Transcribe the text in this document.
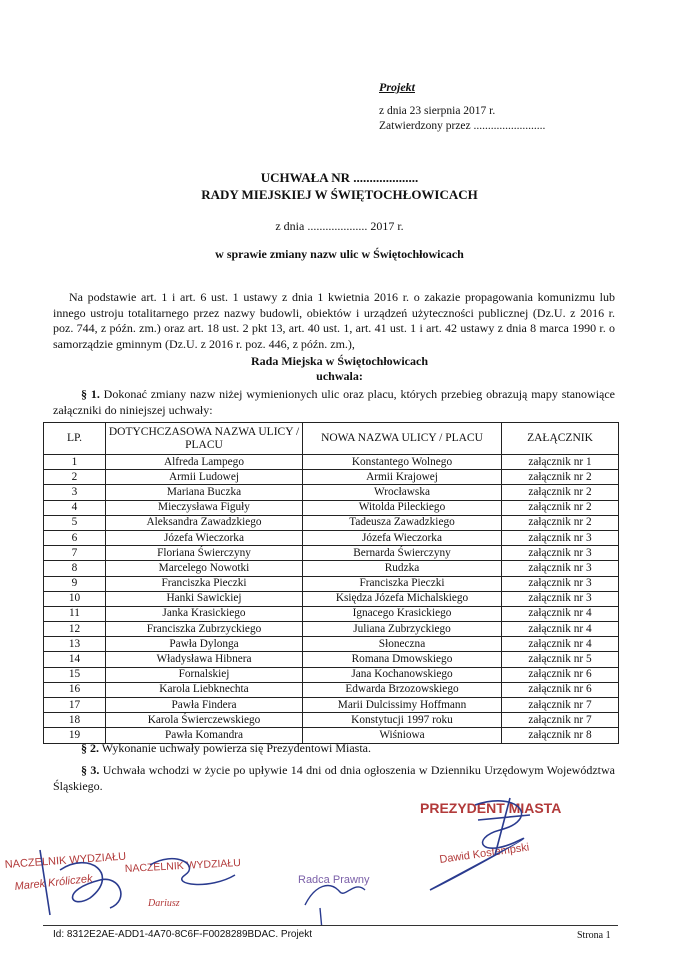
Projekt
z dnia 23 sierpnia 2017 r.
Zatwierdzony przez .........................
UCHWAŁA NR ....................
RADY MIEJSKIEJ W ŚWIĘTOCHŁOWICACH
z dnia .................... 2017 r.
w sprawie zmiany nazw ulic w Świętochłowicach
Na podstawie art. 1 i art. 6 ust. 1 ustawy z dnia 1 kwietnia 2016 r. o zakazie propagowania komunizmu lub innego ustroju totalitarnego przez nazwy budowli, obiektów i urządzeń użyteczności publicznej (Dz.U. z 2016 r. poz. 744, z późn. zm.) oraz art. 18 ust. 2 pkt 13, art. 40 ust. 1, art. 41 ust. 1 i art. 42 ustawy z dnia 8 marca 1990 r. o samorządzie gminnym (Dz.U. z 2016 r. poz. 446, z późn. zm.),
Rada Miejska w Świętochłowicach
uchwala:
§ 1. Dokonać zmiany nazw niżej wymienionych ulic oraz placu, których przebieg obrazują mapy stanowiące załączniki do niniejszej uchwały:
LP.	DOTYCHCZASOWA NAZWA ULICY / PLACU	NOWA NAZWA ULICY / PLACU	ZAŁĄCZNIK
1	Alfreda Lampego	Konstantego Wolnego	załącznik nr 1
2	Armii Ludowej	Armii Krajowej	załącznik nr 2
3	Mariana Buczka	Wrocławska	załącznik nr 2
4	Mieczysława Figuły	Witolda Pileckiego	załącznik nr 2
5	Aleksandra Zawadzkiego	Tadeusza Zawadzkiego	załącznik nr 2
6	Józefa Wieczorka	Józefa Wieczorka	załącznik nr 3
7	Floriana Świerczyny	Bernarda Świerczyny	załącznik nr 3
8	Marcelego Nowotki	Rudzka	załącznik nr 3
9	Franciszka Pieczki	Franciszka Pieczki	załącznik nr 3
10	Hanki Sawickiej	Księdza Józefa Michalskiego	załącznik nr 3
11	Janka Krasickiego	Ignacego Krasickiego	załącznik nr 4
12	Franciszka Zubrzyckiego	Juliana Zubrzyckiego	załącznik nr 4
13	Pawła Dylonga	Słoneczna	załącznik nr 4
14	Władysława Hibnera	Romana Dmowskiego	załącznik nr 5
15	Fornalskiej	Jana Kochanowskiego	załącznik nr 6
16	Karola Liebknechta	Edwarda Brzozowskiego	załącznik nr 6
17	Pawła Findera	Marii Dulcissimy Hoffmann	załącznik nr 7
18	Karola Świerczewskiego	Konstytucji 1997 roku	załącznik nr 7
19	Pawła Komandra	Wiśniowa	załącznik nr 8
§ 2. Wykonanie uchwały powierza się Prezydentowi Miasta.
§ 3. Uchwała wchodzi w życie po upływie 14 dni od dnia ogłoszenia w Dzienniku Urzędowym Województwa Śląskiego.
PREZYDENT MIASTA
Dawid Kostempski
NACZELNIK WYDZIAŁU
Marek Króliczek
NACZELNIK WYDZIAŁU
Dariusz
Radca Prawny
Id: 8312E2AE-ADD1-4A70-8C6F-F0028289BDAC. Projekt	Strona 1
